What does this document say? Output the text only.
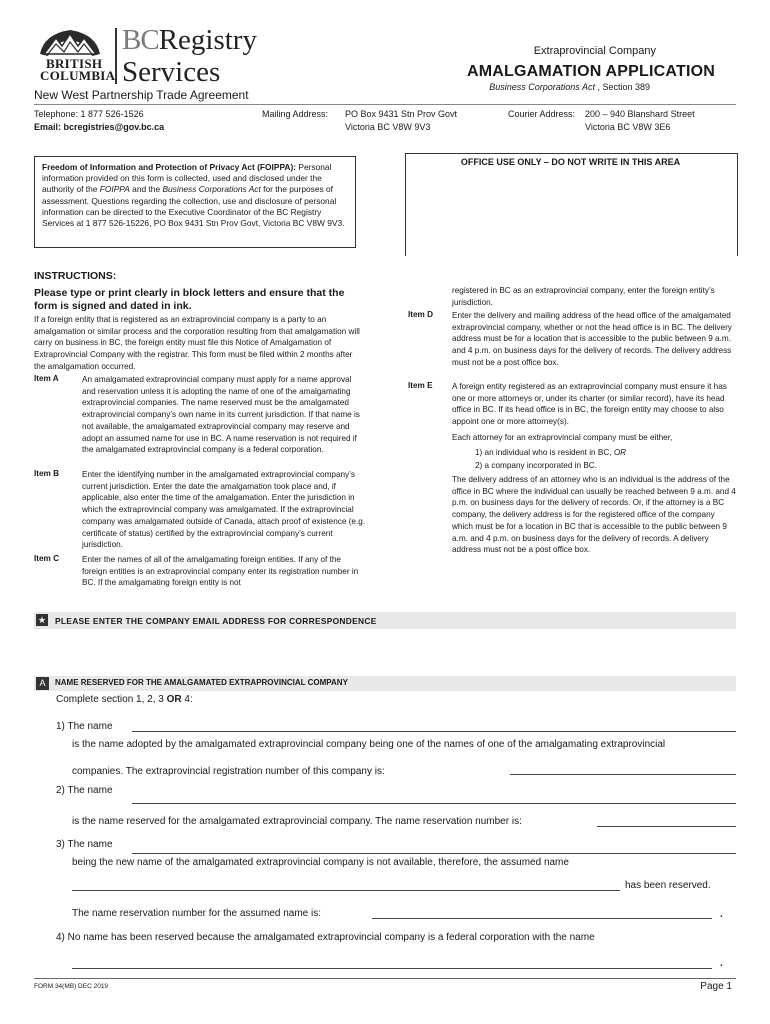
BRITISH
COLUMBIA
BCRegistry
Services
New West Partnership Trade Agreement
Extraprovincial Company
AMALGAMATION APPLICATION
Business Corporations Act , Section 389
Telephone: 1 877 526-1526
Email: bcregistries@gov.bc.ca
Mailing Address: PO Box 9431 Stn Prov Govt
Victoria BC V8W 9V3
Courier Address: 200 – 940 Blanshard Street
Victoria BC V8W 3E6
Freedom of Information and Protection of Privacy Act (FOIPPA): Personal information provided on this form is collected, used and disclosed under the authority of the FOIPPA and the Business Corporations Act for the purposes of assessment. Questions regarding the collection, use and disclosure of personal information can be directed to the Executive Coordinator of the BC Registry Services at 1 877 526-15226, PO Box 9431 Stn Prov Govt, Victoria BC V8W 9V3.
OFFICE USE ONLY – DO NOT WRITE IN THIS AREA
INSTRUCTIONS:
Please type or print clearly in block letters and ensure that the form is signed and dated in ink.
If a foreign entity that is registered as an extraprovincial company is a party to an amalgamation or similar process and the corporation resulting from that amalgamation will carry on business in BC, the foreign entity must file this Notice of Amalgamation of Extraprovincial Company with the registrar. This form must be filed within 2 months after the amalgamation occurred.
Item A	An amalgamated extraprovincial company must apply for a name approval and reservation unless it is adopting the name of one of the amalgamating extraprovincial companies. The name reserved must be the amalgamated extraprovincial company’s own name in its current jurisdiction. If that name is not available, the amalgamated extraprovincial company may reserve and adopt an assumed name for use in BC. A name reservation is not required if the amalgamated extraprovincial company is a federal corporation.
Item B	Enter the identifying number in the amalgamated extraprovincial company’s current jurisdiction. Enter the date the amalgamation took place and, if applicable, also enter the time of the amalgamation. Enter the jurisdiction in which the extraprovincial company was amalgamated. If the extraprovincial company was amalgamated outside of Canada, attach proof of existence (e.g. certificate of status) certified by the extraprovincial company’s current jurisdiction.
Item C	Enter the names of all of the amalgamating foreign entities. If any of the foreign entities is an extraprovincial company enter its registration number in BC. If the amalgamating foreign entity is not
registered in BC as an extraprovincial company, enter the foreign entity’s jurisdiction.
Item D Enter the delivery and mailing address of the head office of the amalgamated extraprovincial company, whether or not the head office is in BC. The delivery address must be for a location that is accessible to the public between 9 a.m. and 4 p.m. on business days for the delivery of records. The delivery address must not be a post office box.
Item E A foreign entity registered as an extraprovincial company must ensure it has one or more attorneys or, under its charter (or similar record), have its head office in BC. If its head office is in BC, the foreign entity may choose to also appoint one or more attorney(s).
Each attorney for an extraprovincial company must be either,
1) an individual who is resident in BC, OR
2) a company incorporated in BC.
The delivery address of an attorney who is an individual is the address of the office in BC where the individual can usually be reached between 9 a.m. and 4 p.m. on business days for the delivery of records. Or, if the attorney is a BC company, the delivery address is for the registered office of the company which must be for a location in BC that is accessible to the public between 9 a.m. and 4 p.m. on business days for the delivery of records. A delivery address must not be a post office box.
★ PLEASE ENTER THE COMPANY EMAIL ADDRESS FOR CORRESPONDENCE
A	NAME RESERVED FOR THE AMALGAMATED EXTRAPROVINCIAL COMPANY
Complete section 1, 2, 3 OR 4:
1) The name
is the name adopted by the amalgamated extraprovincial company being one of the names of one of the amalgamating extraprovincial
companies. The extraprovincial registration number of this company is:
2) The name
is the name reserved for the amalgamated extraprovincial company. The name reservation number is:
3) The name
being the new name of the amalgamated extraprovincial company is not available, therefore, the assumed name
has been reserved.
The name reservation number for the assumed name is:	.
4) No name has been reserved because the amalgamated extraprovincial company is a federal corporation with the name
.
FORM 34(MB) DEC 2019	Page 1
